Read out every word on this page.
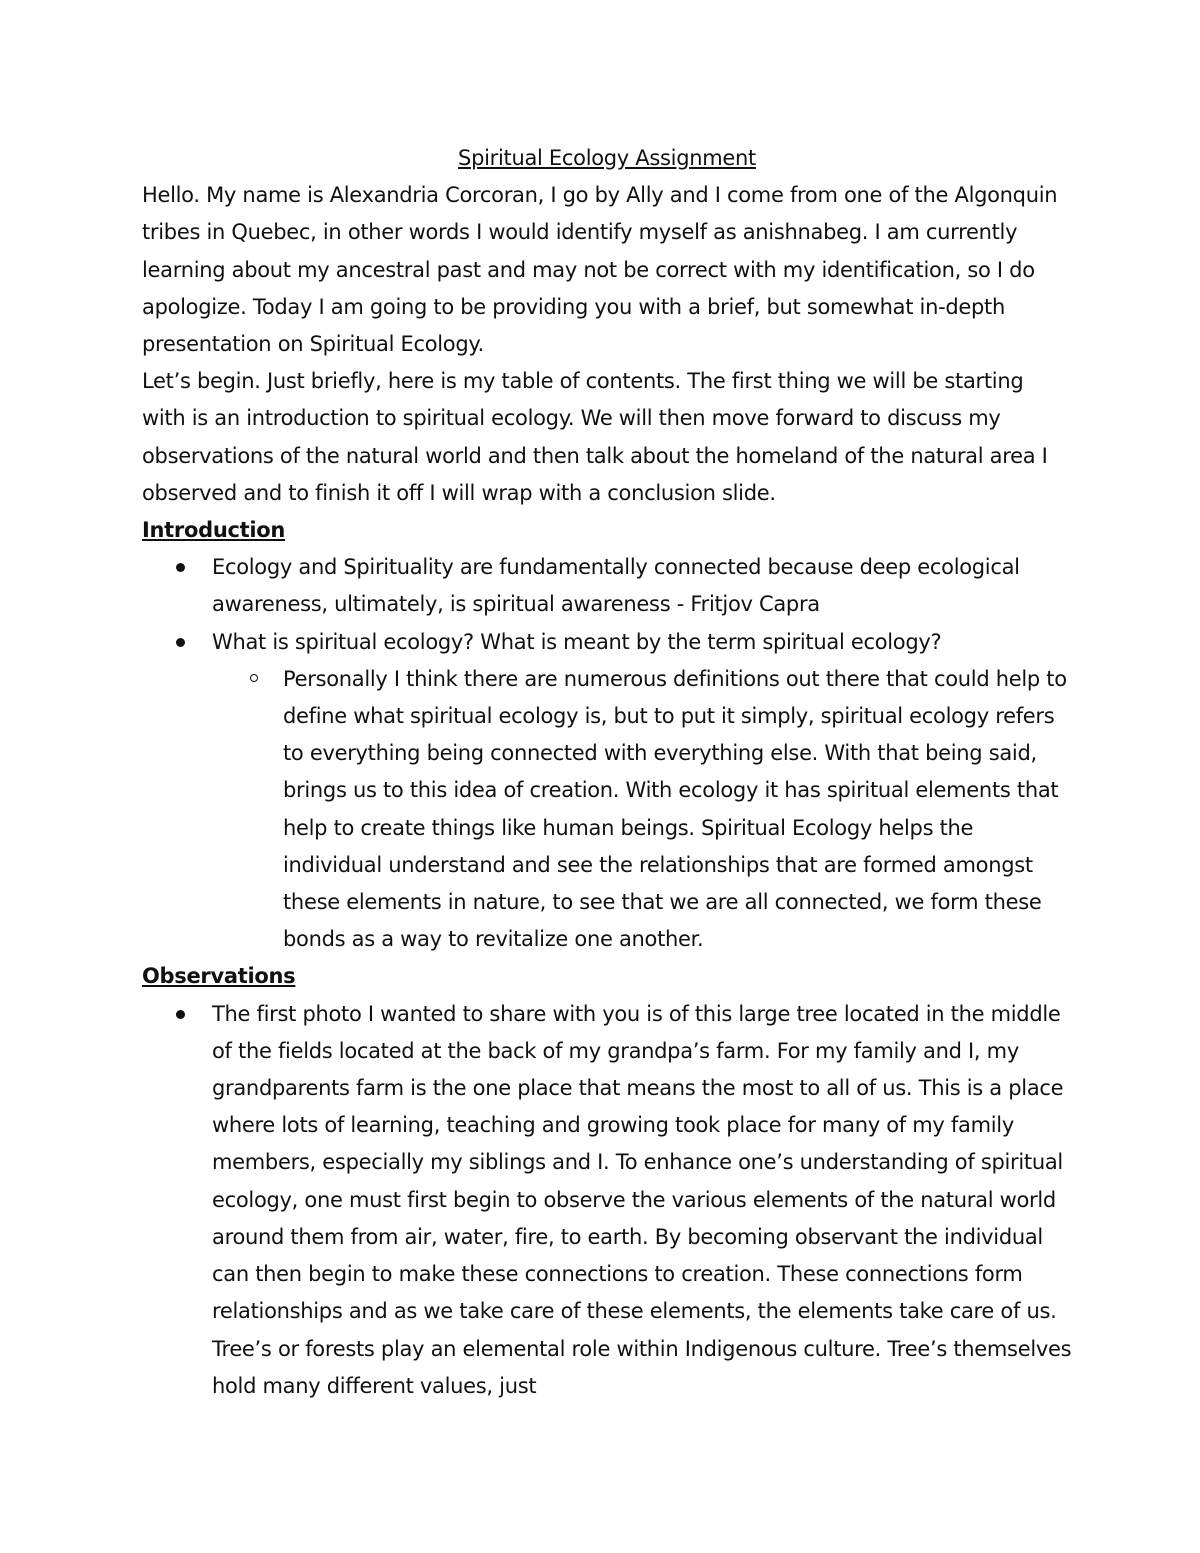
Spiritual Ecology Assignment

Hello. My name is Alexandria Corcoran, I go by Ally and I come from one of the Algonquin tribes in Quebec, in other words I would identify myself as anishnabeg. I am currently learning about my ancestral past and may not be correct with my identification, so I do apologize. Today I am going to be providing you with a brief, but somewhat in-depth presentation on Spiritual Ecology.

Let’s begin. Just briefly, here is my table of contents. The first thing we will be starting with is an introduction to spiritual ecology. We will then move forward to discuss my observations of the natural world and then talk about the homeland of the natural area I observed and to finish it off I will wrap with a conclusion slide.

Introduction
Ecology and Spirituality are fundamentally connected because deep ecological awareness, ultimately, is spiritual awareness - Fritjov Capra
What is spiritual ecology? What is meant by the term spiritual ecology?
Personally I think there are numerous definitions out there that could help to define what spiritual ecology is, but to put it simply, spiritual ecology refers to everything being connected with everything else. With that being said, brings us to this idea of creation. With ecology it has spiritual elements that help to create things like human beings. Spiritual Ecology helps the individual understand and see the relationships that are formed amongst these elements in nature, to see that we are all connected, we form these bonds as a way to revitalize one another.
Observations
The first photo I wanted to share with you is of this large tree located in the middle of the fields located at the back of my grandpa’s farm. For my family and I, my grandparents farm is the one place that means the most to all of us. This is a place where lots of learning, teaching and growing took place for many of my family members, especially my siblings and I. To enhance one’s understanding of spiritual ecology, one must first begin to observe the various elements of the natural world around them from air, water, fire, to earth. By becoming observant the individual can then begin to make these connections to creation. These connections form relationships and as we take care of these elements, the elements take care of us. Tree’s or forests play an elemental role within Indigenous culture. Tree’s themselves hold many different values, just
